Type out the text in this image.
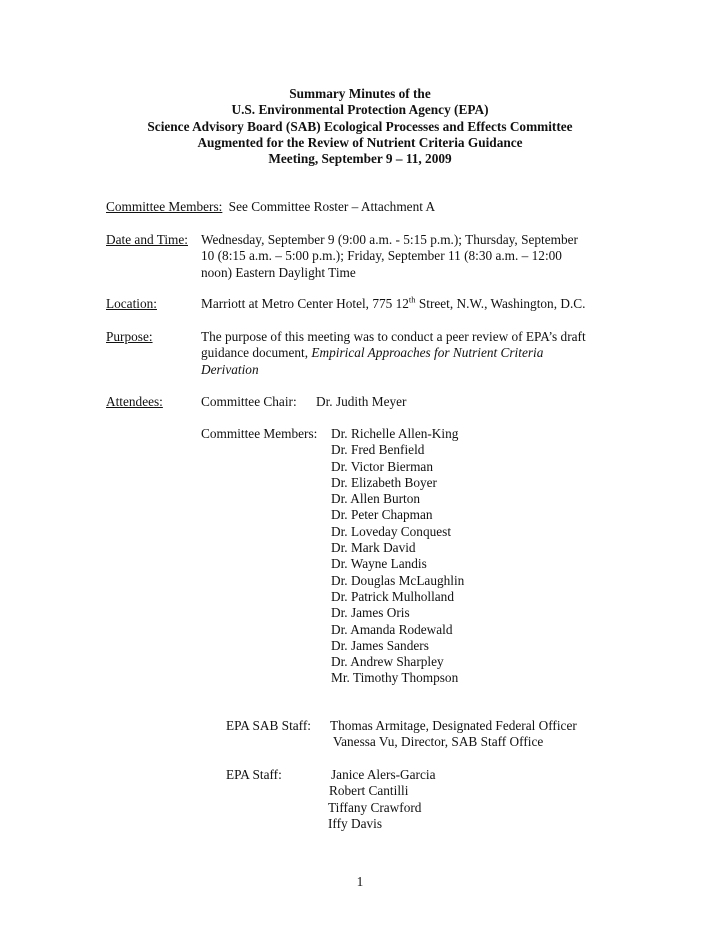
Summary Minutes of the
U.S. Environmental Protection Agency (EPA)
Science Advisory Board (SAB) Ecological Processes and Effects Committee
Augmented for the Review of Nutrient Criteria Guidance
Meeting, September 9 – 11, 2009
Committee Members: See Committee Roster – Attachment A
Date and Time: Wednesday, September 9 (9:00 a.m. - 5:15 p.m.); Thursday, September
10 (8:15 a.m. – 5:00 p.m.); Friday, September 11 (8:30 a.m. – 12:00
noon) Eastern Daylight Time
Location:	Marriott at Metro Center Hotel, 775 12th Street, N.W., Washington, D.C.
Purpose:	The purpose of this meeting was to conduct a peer review of EPA’s draft
guidance document, Empirical Approaches for Nutrient Criteria
Derivation
Attendees:	Committee Chair: Dr. Judith Meyer
Committee Members: Dr. Richelle Allen-King
Dr. Fred Benfield
Dr. Victor Bierman
Dr. Elizabeth Boyer
Dr. Allen Burton
Dr. Peter Chapman
Dr. Loveday Conquest
Dr. Mark David
Dr. Wayne Landis
Dr. Douglas McLaughlin
Dr. Patrick Mulholland
Dr. James Oris
Dr. Amanda Rodewald
Dr. James Sanders
Dr. Andrew Sharpley
Mr. Timothy Thompson
EPA SAB Staff: Thomas Armitage, Designated Federal Officer
Vanessa Vu, Director, SAB Staff Office
EPA Staff:	Janice Alers-Garcia
Robert Cantilli
Tiffany Crawford
Iffy Davis
1
